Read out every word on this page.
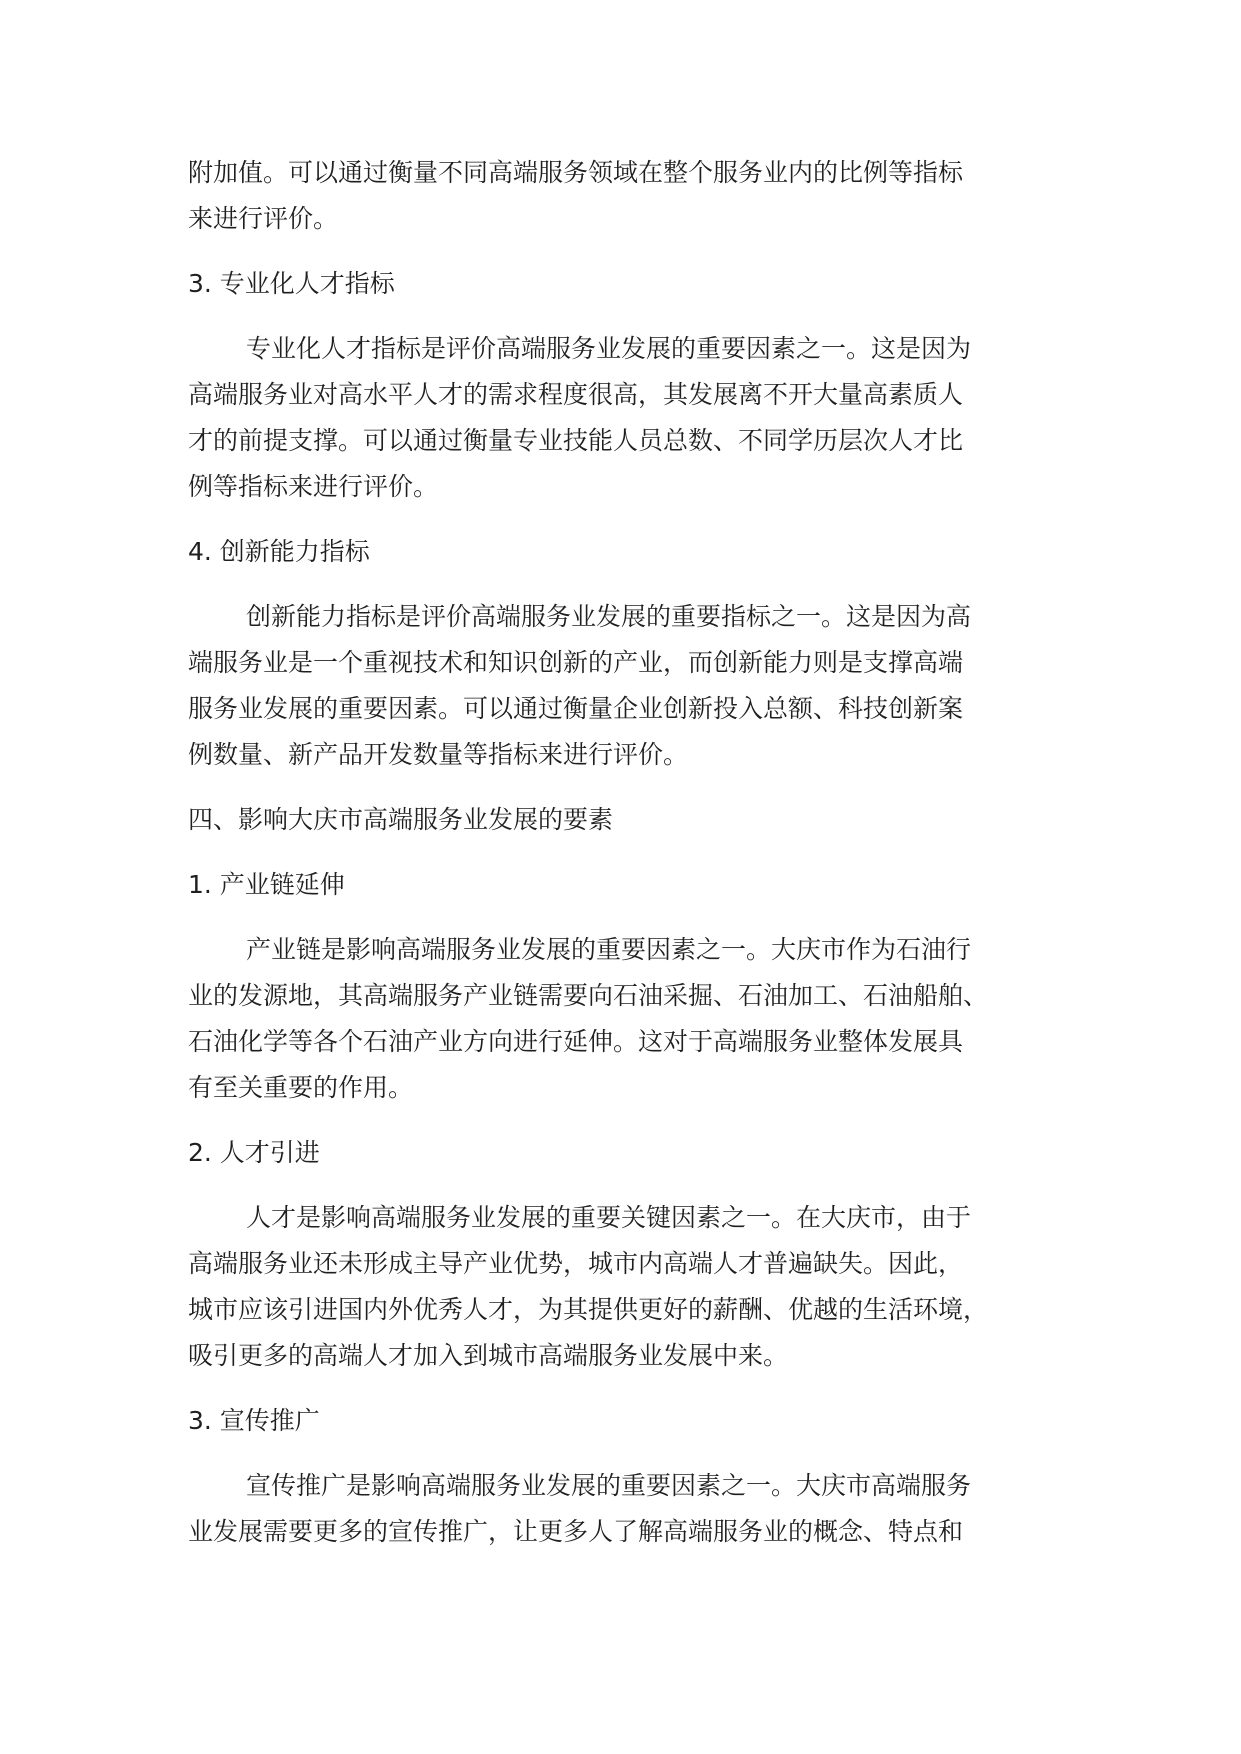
附加值。可以通过衡量不同高端服务领域在整个服务业内的比例等指标
来进行评价。

3. 专业化人才指标

专业化人才指标是评价高端服务业发展的重要因素之一。这是因为
高端服务业对高水平人才的需求程度很高，其发展离不开大量高素质人
才的前提支撑。可以通过衡量专业技能人员总数、不同学历层次人才比
例等指标来进行评价。

4. 创新能力指标

创新能力指标是评价高端服务业发展的重要指标之一。这是因为高
端服务业是一个重视技术和知识创新的产业，而创新能力则是支撑高端
服务业发展的重要因素。可以通过衡量企业创新投入总额、科技创新案
例数量、新产品开发数量等指标来进行评价。

四、影响大庆市高端服务业发展的要素

1. 产业链延伸

产业链是影响高端服务业发展的重要因素之一。大庆市作为石油行
业的发源地，其高端服务产业链需要向石油采掘、石油加工、石油船舶、
石油化学等各个石油产业方向进行延伸。这对于高端服务业整体发展具
有至关重要的作用。

2. 人才引进

人才是影响高端服务业发展的重要关键因素之一。在大庆市，由于
高端服务业还未形成主导产业优势，城市内高端人才普遍缺失。因此，
城市应该引进国内外优秀人才，为其提供更好的薪酬、优越的生活环境，
吸引更多的高端人才加入到城市高端服务业发展中来。

3. 宣传推广

宣传推广是影响高端服务业发展的重要因素之一。大庆市高端服务
业发展需要更多的宣传推广，让更多人了解高端服务业的概念、特点和
